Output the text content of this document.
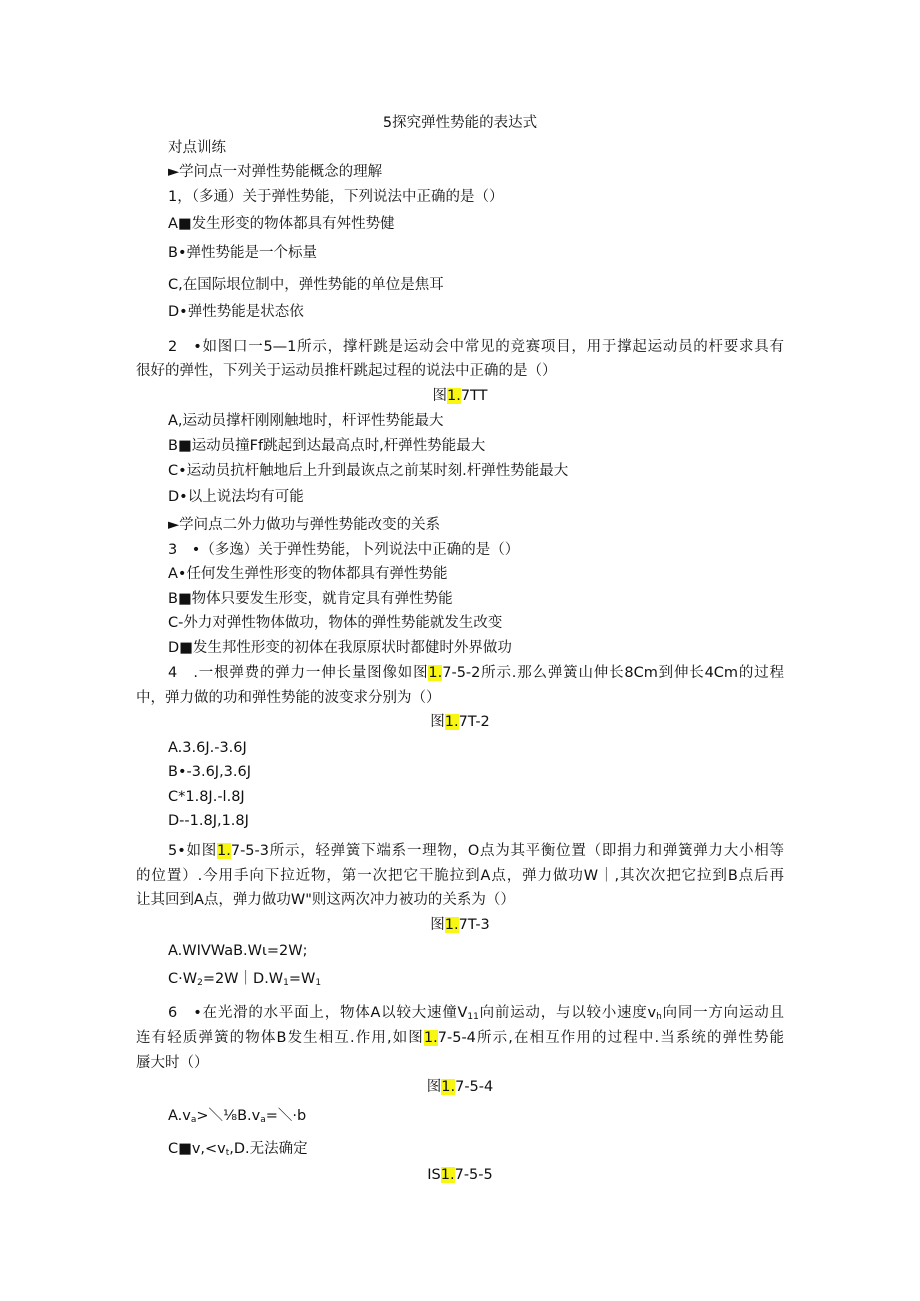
5探究弹性势能的表达式
对点训练
►学问点一对弹性势能概念的理解
1，（多通）关于弹性势能，下列说法中正确的是（）
A■发生形变的物体都具有舛性势健
B•弹性势能是一个标量
C,在国际垠位制中，弹性势能的单位是焦耳
D•弹性势能是状态依
2　•如图口一5—1所示，撑杆跳是运动会中常见的竞赛项目，用于撑起运动员的杆要求具有
很好的弹性，下列关于运动员推杆跳起过程的说法中正确的是（）
图1.7TT
A,运动员撑杆刚刚触地时，杆评性势能最大
B■运动员撞Ff跳起到达最高点时,杆弹性势能最大
C•运动员抗杆触地后上升到最诙点之前某时刻.杆弹性势能最大
D•以上说法均有可能
►学问点二外力做功与弹性势能改变的关系
3　•（多逸）关于弹性势能，卜列说法中正确的是（）
A•任何发生弹性形变的物体都具有弹性势能
B■物体只要发生形变，就肯定具有弹性势能
C-外力对弹性物体做功，物体的弹性势能就发生改变
D■发生邦性形变的初体在我原原状时都健时外界做功
4　.一根弹费的弹力一伸长量图像如图1.7-5-2所示.那么弹簧山伸长8Cm到伸长4Cm的过程
中，弹力做的功和弹性势能的波变求分别为（）
图1.7T-2
A.3.6J.-3.6J
B•-3.6J,3.6J
C*1.8J.-l.8J
D--1.8J,1.8J
5•如图1.7-5-3所示，轻弹簧下端系一理物，O点为其平衡位置（即捐力和弹簧弹力大小相等
的位置）.今用手向下拉近物，第一次把它干脆拉到A点，弹力做功W｜,其次次把它拉到B点后再
让其回到A点，弹力做功W"则这两次冲力被功的关系为（）
图1.7T-3
A.WIVWaB.Wι=2W;
$C\cdot W_2=2W|D.W_1=W_1$
6　•在光滑的水平面上，物体A以较大速僮$V_{11}$向前运动，与以较小速度$v_h$向同一方向运动且
连有轻质弹簧的物体B发生相互.作用,如图1.7-5-4所示,在相互作用的过程中.当系统的弹性势能
蜃大时（）
图1.7-5-4
$A.v_a>\backslash\frac{1}{8}B.v_a=\backslash\cdot b$
$C■v,<v_t,D$.无法确定
IS1.7-5-5
